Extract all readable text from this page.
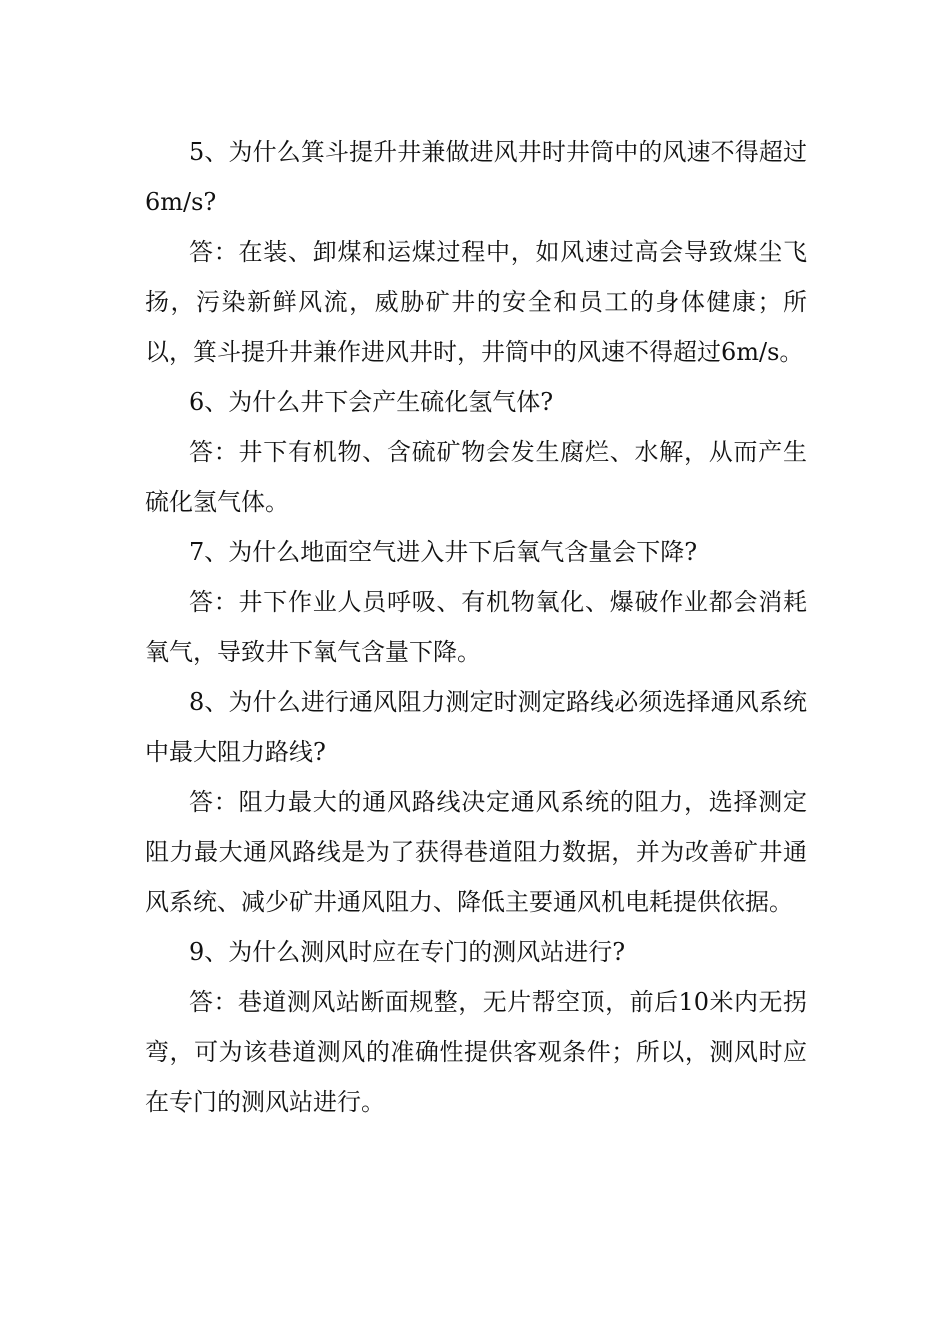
5、为什么箕斗提升井兼做进风井时井筒中的风速不得超过6m/s?

答：在装、卸煤和运煤过程中，如风速过高会导致煤尘飞扬，污染新鲜风流，威胁矿井的安全和员工的身体健康；所以，箕斗提升井兼作进风井时，井筒中的风速不得超过6m/s。

6、为什么井下会产生硫化氢气体?

答：井下有机物、含硫矿物会发生腐烂、水解，从而产生硫化氢气体。

7、为什么地面空气进入井下后氧气含量会下降?

答：井下作业人员呼吸、有机物氧化、爆破作业都会消耗氧气，导致井下氧气含量下降。

8、为什么进行通风阻力测定时测定路线必须选择通风系统中最大阻力路线?

答：阻力最大的通风路线决定通风系统的阻力，选择测定阻力最大通风路线是为了获得巷道阻力数据，并为改善矿井通风系统、减少矿井通风阻力、降低主要通风机电耗提供依据。

9、为什么测风时应在专门的测风站进行?

答：巷道测风站断面规整，无片帮空顶，前后10米内无拐弯，可为该巷道测风的准确性提供客观条件；所以，测风时应在专门的测风站进行。
